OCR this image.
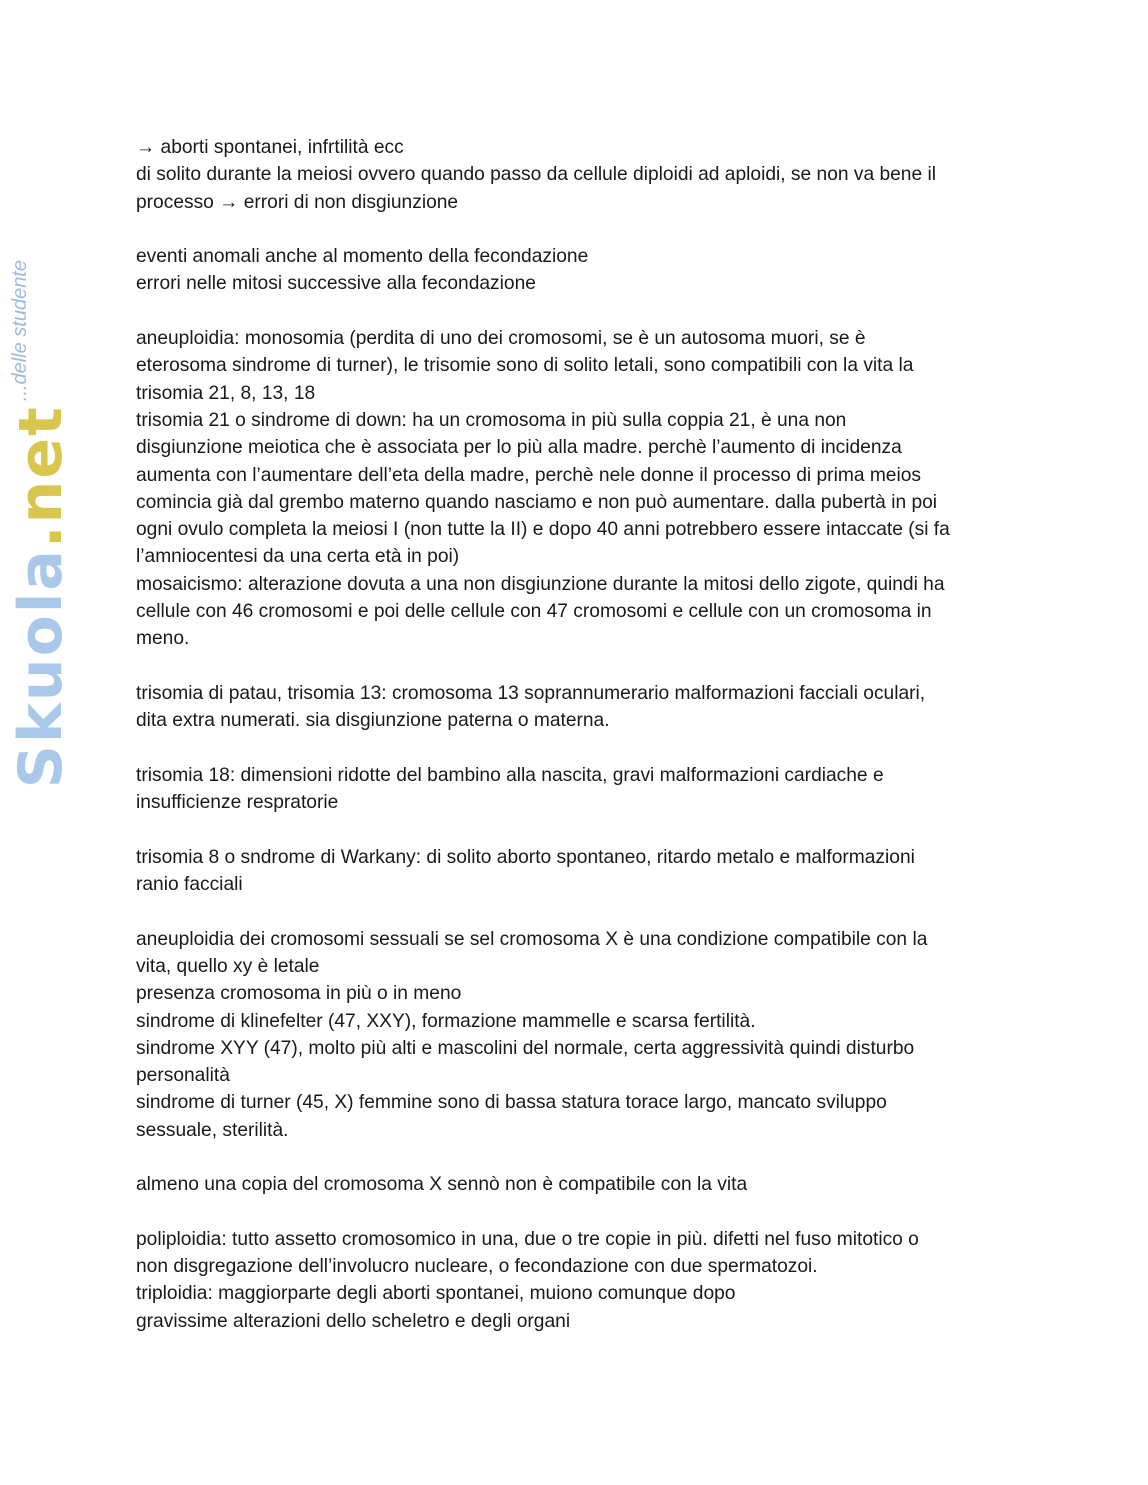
Skuola.net
...delle studente
→ aborti spontanei, infrtilità ecc
di solito durante la meiosi ovvero quando passo da cellule diploidi ad aploidi, se non va bene il
processo → errori di non disgiunzione
eventi anomali anche al momento della fecondazione
errori nelle mitosi successive alla fecondazione
aneuploidia: monosomia (perdita di uno dei cromosomi, se è un autosoma muori, se è
eterosoma sindrome di turner), le trisomie sono di solito letali, sono compatibili con la vita la
trisomia 21, 8, 13, 18
trisomia 21 o sindrome di down: ha un cromosoma in più sulla coppia 21, è una non
disgiunzione meiotica che è associata per lo più alla madre. perchè l’aumento di incidenza
aumenta con l’aumentare dell’eta della madre, perchè nele donne il processo di prima meios
comincia già dal grembo materno quando nasciamo e non può aumentare. dalla pubertà in poi
ogni ovulo completa la meiosi I (non tutte la II) e dopo 40 anni potrebbero essere intaccate (si fa
l’amniocentesi da una certa età in poi)
mosaicismo: alterazione dovuta a una non disgiunzione durante la mitosi dello zigote, quindi ha
cellule con 46 cromosomi e poi delle cellule con 47 cromosomi e cellule con un cromosoma in
meno.
trisomia di patau, trisomia 13: cromosoma 13 soprannumerario malformazioni facciali oculari,
dita extra numerati. sia disgiunzione paterna o materna.
trisomia 18: dimensioni ridotte del bambino alla nascita, gravi malformazioni cardiache e
insufficienze respratorie
trisomia 8 o sndrome di Warkany: di solito aborto spontaneo, ritardo metalo e malformazioni
ranio facciali
aneuploidia dei cromosomi sessuali se sel cromosoma X è una condizione compatibile con la
vita, quello xy è letale
presenza cromosoma in più o in meno
sindrome di klinefelter (47, XXY), formazione mammelle e scarsa fertilità.
sindrome XYY (47), molto più alti e mascolini del normale, certa aggressività quindi disturbo
personalità
sindrome di turner (45, X) femmine sono di bassa statura torace largo, mancato sviluppo
sessuale, sterilità.
almeno una copia del cromosoma X sennò non è compatibile con la vita
poliploidia: tutto assetto cromosomico in una, due o tre copie in più. difetti nel fuso mitotico o
non disgregazione dell’involucro nucleare, o fecondazione con due spermatozoi.
triploidia: maggiorparte degli aborti spontanei, muiono comunque dopo
gravissime alterazioni dello scheletro e degli organi
